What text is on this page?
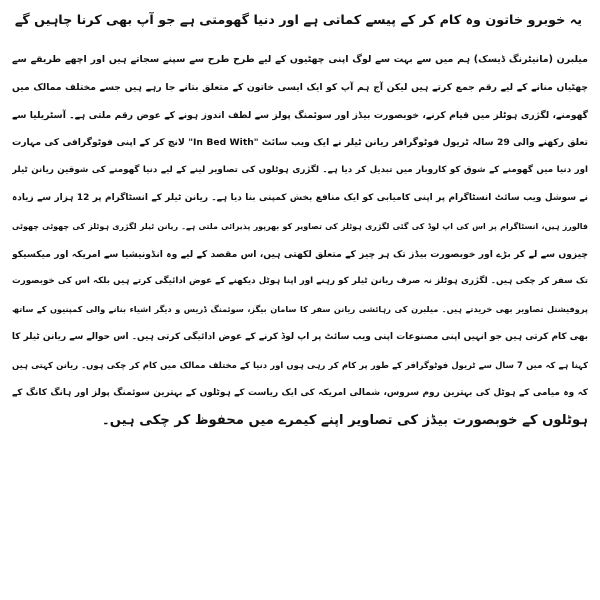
یہ خوبرو خاتون وہ کام کر کے پیسے کماتی ہے اور دنیا گھومتی ہے جو آپ بھی کرنا چاہیں گے
میلبرن (مانیٹرنگ ڈیسک) ہم میں سے بہت سے لوگ اپنی چھٹیوں کے لیے طرح طرح سے سپنے سجاتے ہیں اور اچھے طریقے سے
چھٹیاں منانے کے لیے رقم جمع کرتے ہیں لیکن آج ہم آپ کو ایک ایسی خاتون کے متعلق بتانے جا رہے ہیں جسے مختلف ممالک میں
گھومنے، لگژری ہوٹلز میں قیام کرنے، خوبصورت بیڈز اور سوئمنگ پولز سے لطف اندوز ہونے کے عوض رقم ملتی ہے۔ آسٹریلیا سے
تعلق رکھنے والی 29 سالہ ٹریول فوٹوگرافر ریانن ٹیلر نے ایک ویب سائٹ "In Bed With" لانچ کر کے اپنی فوٹوگرافی کی مہارت
اور دنیا میں گھومنے کے شوق کو کاروبار میں تبدیل کر دیا ہے۔ لگژری ہوٹلوں کی تصاویر لینے کے لیے دنیا گھومنے کی شوقین ریانن ٹیلر
نے سوشل ویب سائٹ انسٹاگرام پر اپنی کامیابی کو ایک منافع بخش کمپنی بنا دیا ہے۔ ریانن ٹیلر کے انسٹاگرام پر 12 ہزار سے زیادہ
فالورز ہیں، انسٹاگرام پر اس کی اپ لوڈ کی گئی لگژری ہوٹلز کی تصاویر کو بھرپور پذیرائی ملتی ہے۔ ریانن ٹیلر لگژری ہوٹلز کی چھوٹی چھوٹی
چیزوں سے لے کر بڑے اور خوبصورت بیڈز تک ہر چیز کے متعلق لکھتی ہیں، اس مقصد کے لیے وہ انڈونیشیا سے امریکہ اور میکسیکو
تک سفر کر چکی ہیں۔ لگژری ہوٹلز نہ صرف ریانن ٹیلر کو رہنے اور اپنا ہوٹل دیکھنے کے عوض ادائیگی کرتے ہیں بلکہ اس کی خوبصورت
پروفیشنل تصاویر بھی خریدتے ہیں۔ میلبرن کی رہائشی ریانن سفر کا سامان بیگز، سوئمنگ ڈریس و دیگر اشیاء بنانے والی کمپنیوں کے ساتھ
بھی کام کرتی ہیں جو انہیں اپنی مصنوعات اپنی ویب سائٹ پر اپ لوڈ کرنے کے عوض ادائیگی کرتی ہیں۔ اس حوالے سے ریانن ٹیلر کا
کہنا ہے کہ میں 7 سال سے ٹریول فوٹوگرافر کے طور پر کام کر رہی ہوں اور دنیا کے مختلف ممالک میں کام کر چکی ہوں۔ ریانن کہتی ہیں
کہ وہ میامی کے ہوٹل کی بہترین روم سروس، شمالی امریکہ کی ایک ریاست کے ہوٹلوں کے بہترین سوئمنگ پولز اور ہانگ کانگ کے
ہوٹلوں کے خوبصورت بیڈز کی تصاویر اپنے کیمرے میں محفوظ کر چکی ہیں۔
